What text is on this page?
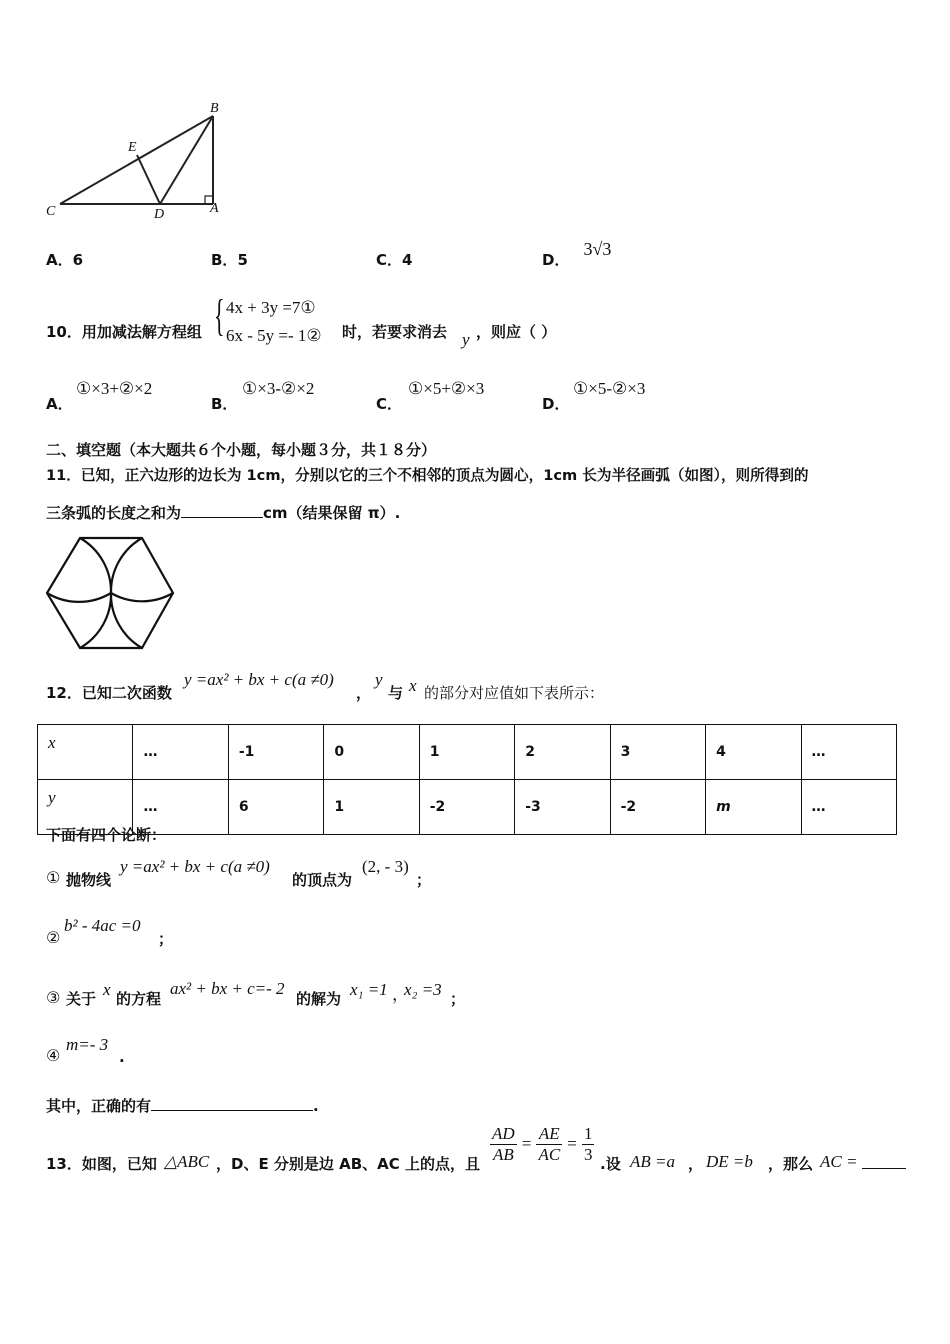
B
E
C	D	A
A．6	B．5	C．4	D．3√3
10．用加减法解方程组 { 4x + 3y =7①
6x - 5y =- 1② 时，若要求消去 y ，则应（ ）
A．
①×3+②×2
B．
①×3-②×2
C．
①×5+②×3
D．
①×5-②×3
二、填空题（本大题共６个小题，每小题３分，共１８分）
11．已知，正六边形的边长为 1cm，分别以它的三个不相邻的顶点为圆心，1cm 长为半径画弧（如图），则所得到的
三条弧的长度之和为	cm（结果保留 π）.
12．已知二次函数
y =ax² + bx + c(a ≠0)
，
y
与 x 的部分对应值如下表所示：
x	…	-1	0	1	2	3	4	…
y	…	6	1	-2	-3	-2	m	…
下面有四个论断：
① 抛物线
y =ax² + bx + c(a ≠0)
的顶点为
(2, - 3)
；
②
b² - 4ac =0
；
③ 关于 x 的方程
ax² + bx + c=- 2
的解为 x₁ =1 ，
x₂ =3 ；
④
m=- 3
.
其中，正确的有	.
13．如图，已知 △ABC ，D、E 分别是边 AB、AC 上的点，且 $\frac{AD}{AB} = \frac{AE}{AC} = \frac{1}{3}$ .设 AB =a ， DE =b ，那么 AC =
